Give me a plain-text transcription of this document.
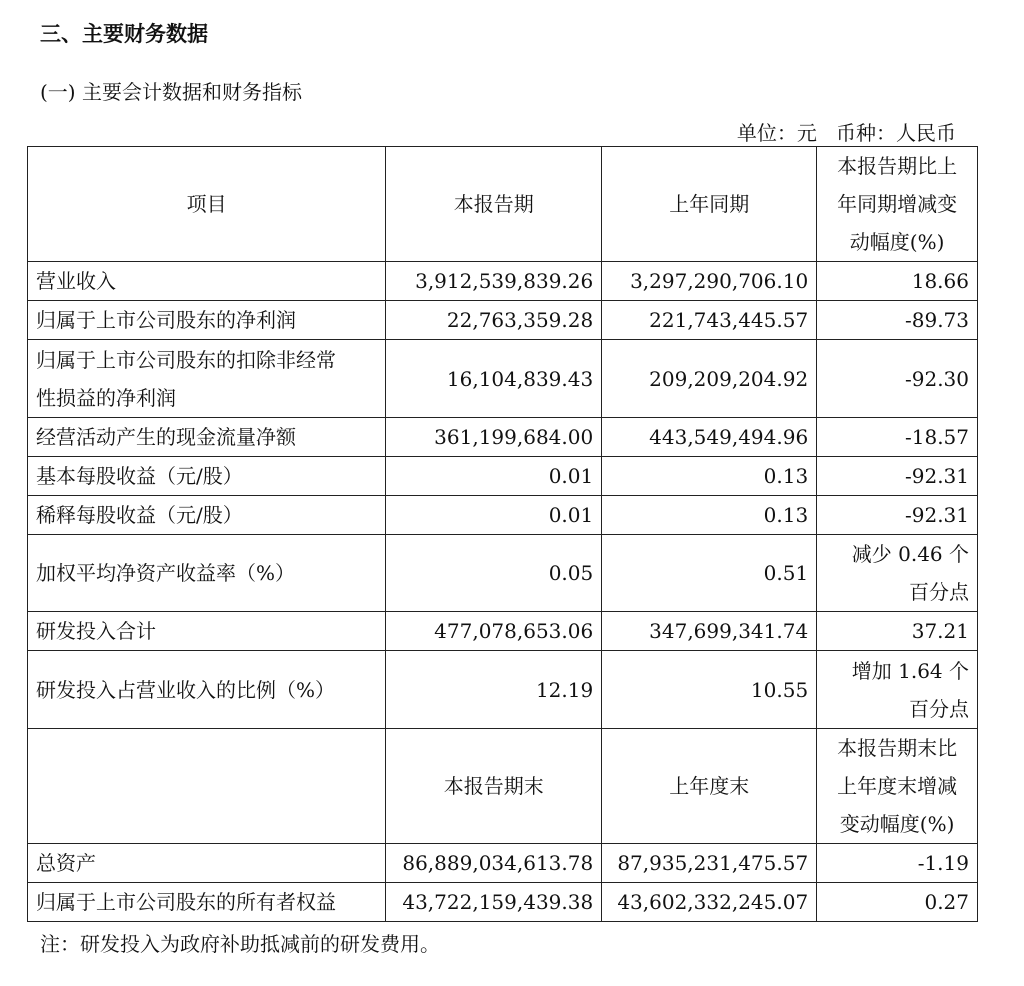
三、主要财务数据
(一) 主要会计数据和财务指标
单位：元   币种：人民币
项目	本报告期	上年同期	本报告期比上
年同期增减变
动幅度(%)

营业收入	3,912,539,839.26	3,297,290,706.10	18.66
归属于上市公司股东的净利润	22,763,359.28	221,743,445.57	-89.73

归属于上市公司股东的扣除非经常
性损益的净利润	16,104,839.43	209,209,204.92	-92.30
经营活动产生的现金流量净额	361,199,684.00	443,549,494.96	-18.57
基本每股收益（元/股）	0.01	0.13	-92.31
稀释每股收益（元/股）	0.01	0.13	-92.31
加权平均净资产收益率（%）	0.05	0.51	减少 0.46 个
百分点

研发投入合计	477,078,653.06	347,699,341.74	37.21
研发投入占营业收入的比例（%）	12.19	10.55	增加 1.64 个
百分点

	本报告期末	上年度末	本报告期末比
上年度末增减
变动幅度(%)

总资产	86,889,034,613.78	87,935,231,475.57	-1.19
归属于上市公司股东的所有者权益	43,722,159,439.38	43,602,332,245.07	0.27
注：研发投入为政府补助抵减前的研发费用。
